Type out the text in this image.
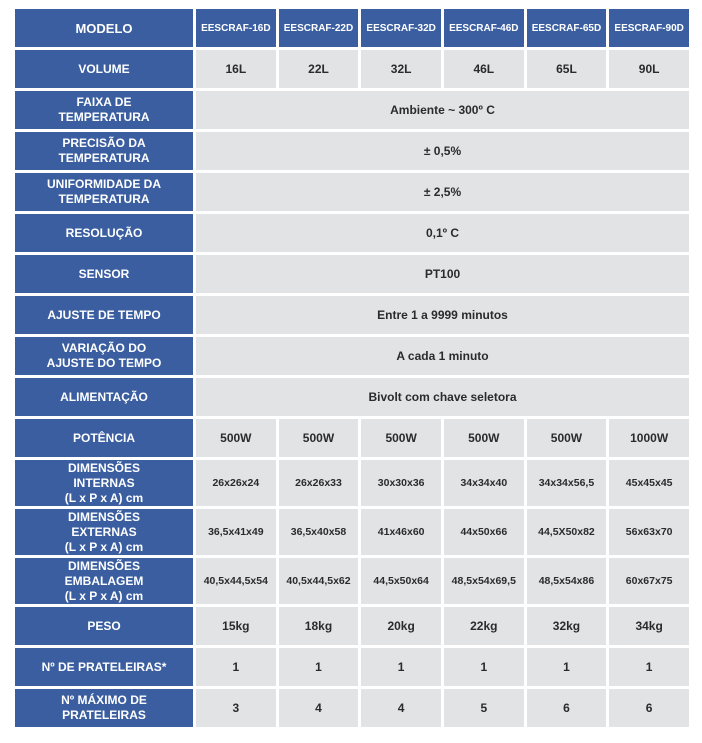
MODELO	EESCRAF-16D	EESCRAF-22D	EESCRAF-32D	EESCRAF-46D	EESCRAF-65D	EESCRAF-90D

VOLUME	16L	22L	32L	46L	65L	90L

FAIXA DE
TEMPERATURA	Ambiente ~ 300º C					

PRECISÃO DA
TEMPERATURA	± 0,5%					

UNIFORMIDADE DA
TEMPERATURA	± 2,5%					

RESOLUÇÃO	0,1º C					

SENSOR	PT100					

AJUSTE DE TEMPO	Entre 1 a 9999 minutos					

VARIAÇÃO DO
AJUSTE DO TEMPO	A cada 1 minuto					

ALIMENTAÇÃO	Bivolt com chave seletora					

POTÊNCIA	500W	500W	500W	500W	500W	1000W

DIMENSÕES
INTERNAS
(L x P x A) cm	26x26x24	26x26x33	30x30x36	34x34x40	34x34x56,5	45x45x45

DIMENSÕES
EXTERNAS
(L x P x A) cm	36,5x41x49	36,5x40x58	41x46x60	44x50x66	44,5X50x82	56x63x70

DIMENSÕES
EMBALAGEM
(L x P x A) cm	40,5x44,5x54	40,5x44,5x62	44,5x50x64	48,5x54x69,5	48,5x54x86	60x67x75

PESO	15kg	18kg	20kg	22kg	32kg	34kg

Nº DE PRATELEIRAS*	1	1	1	1	1	1

Nº MÁXIMO DE
PRATELEIRAS	3	4	4	5	6	6
